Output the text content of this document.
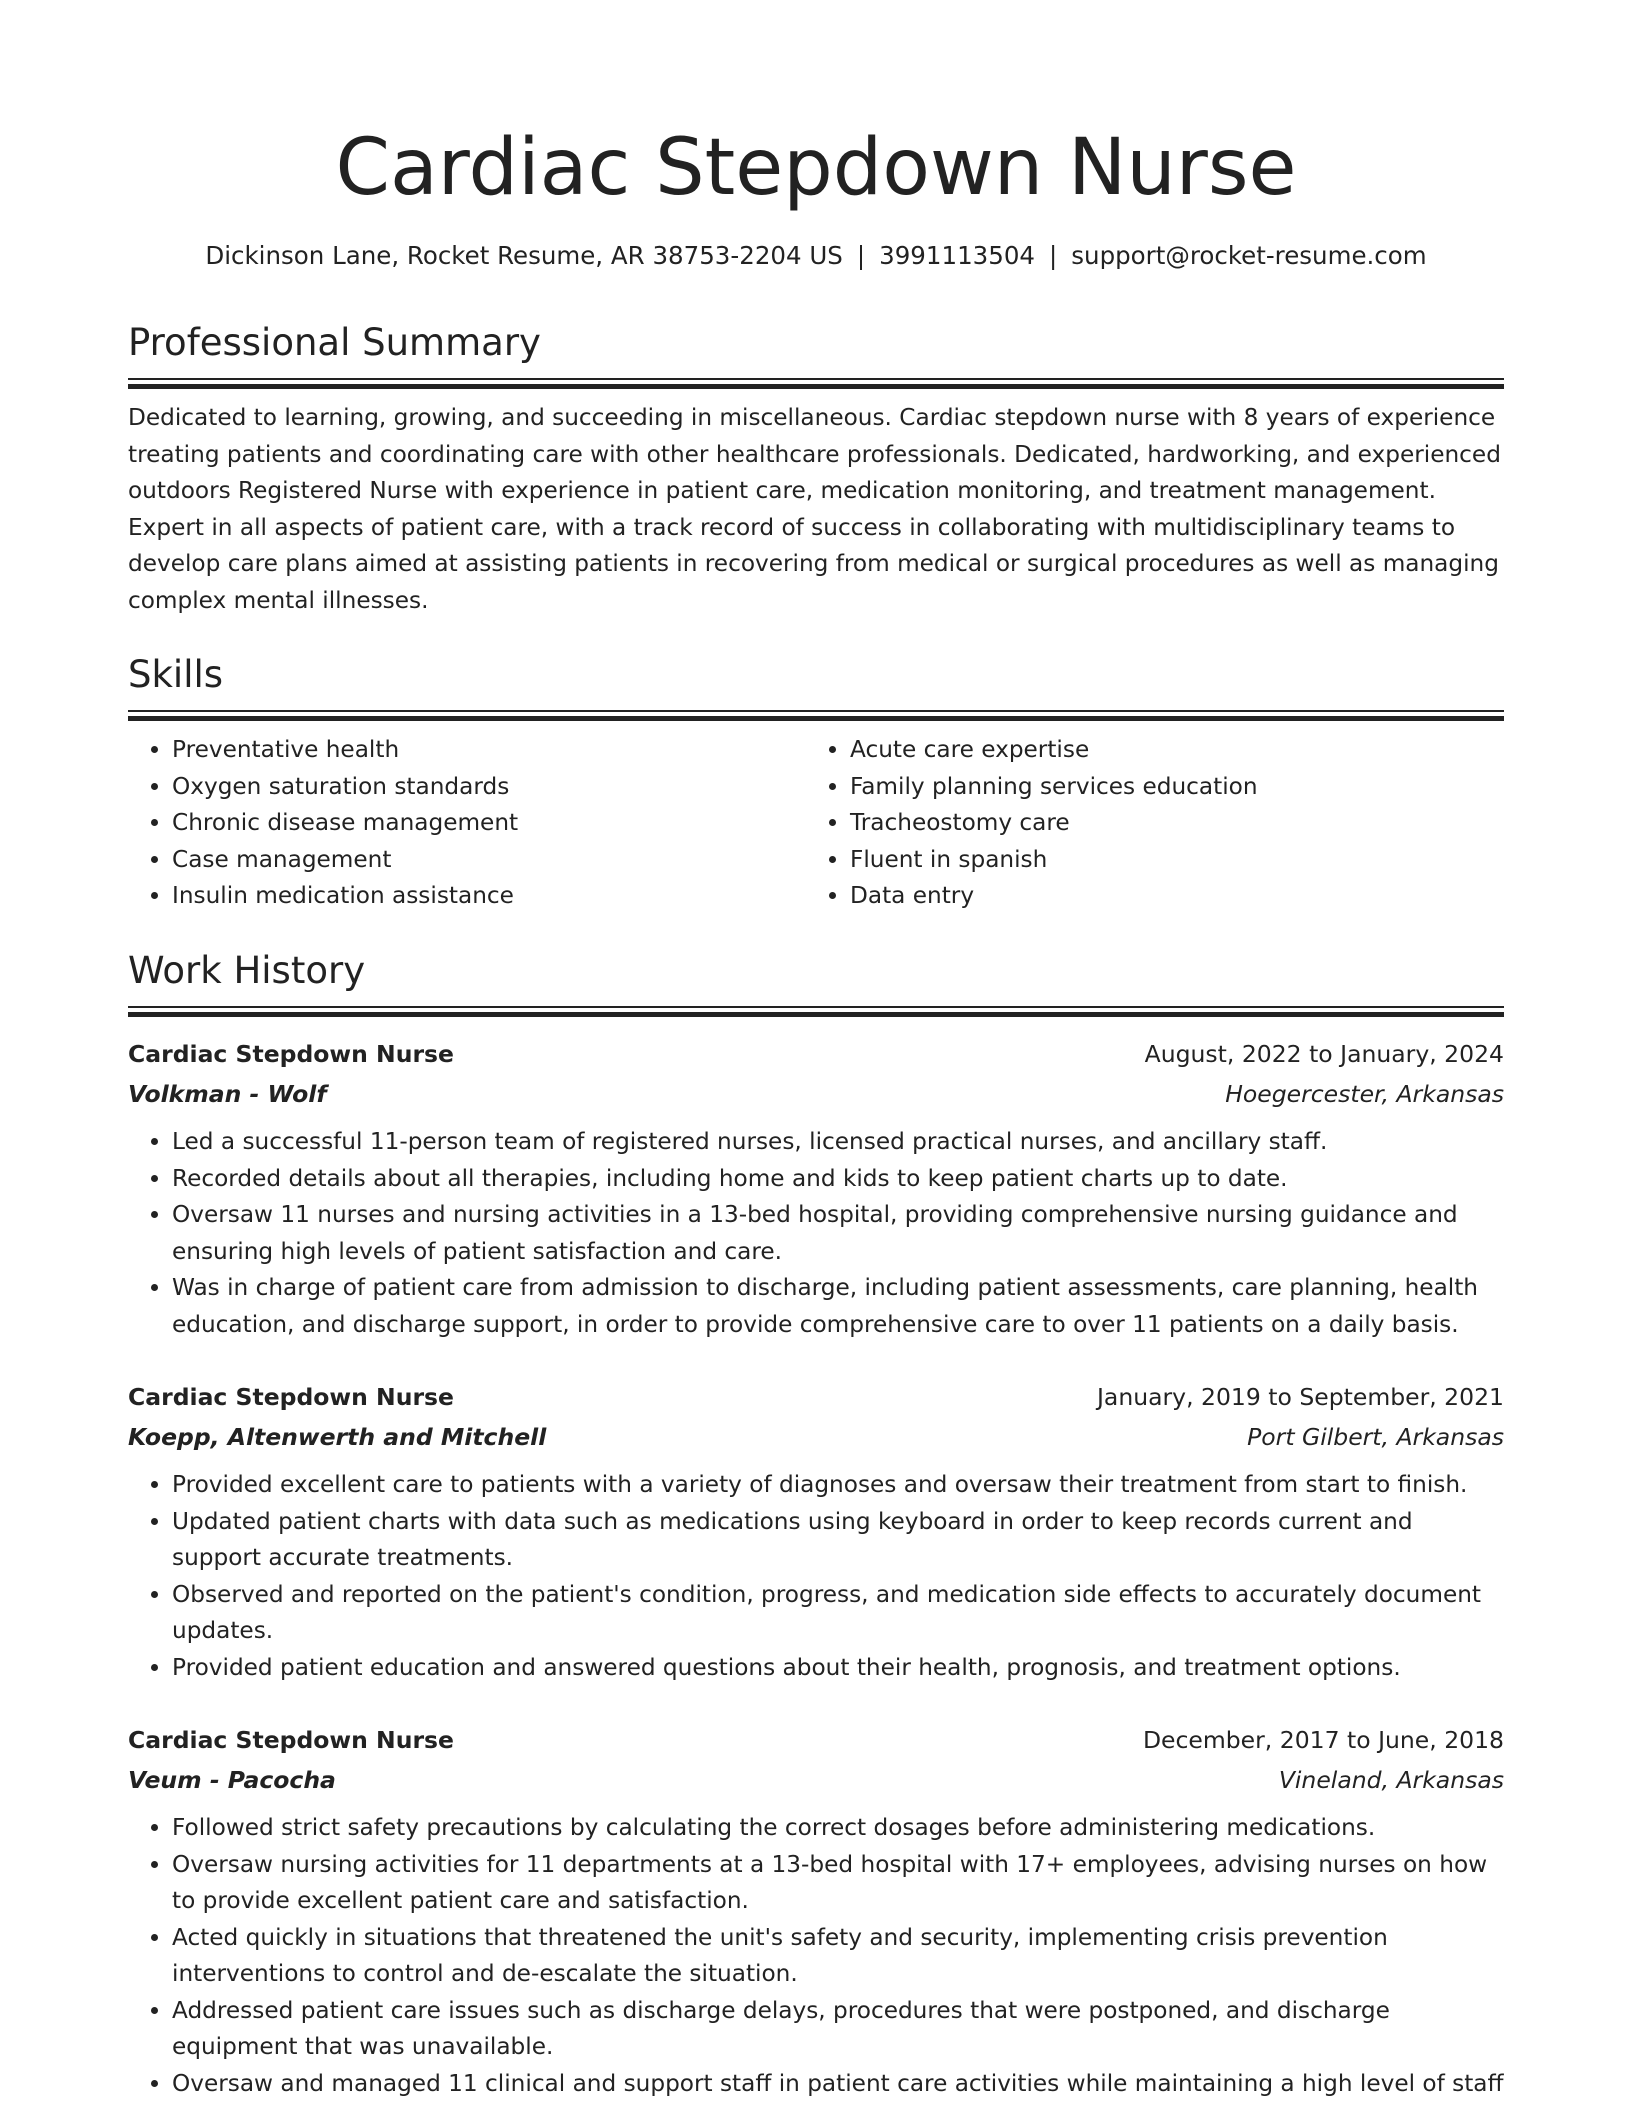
Cardiac Stepdown Nurse
Dickinson Lane, Rocket Resume, AR 38753-2204 US | 3991113504 | support@rocket-resume.com
Professional Summary

Dedicated to learning, growing, and succeeding in miscellaneous. Cardiac stepdown nurse with 8 years of experience treating patients and coordinating care with other healthcare professionals. Dedicated, hardworking, and experienced outdoors Registered Nurse with experience in patient care, medication monitoring, and treatment management. Expert in all aspects of patient care, with a track record of success in collaborating with multidisciplinary teams to develop care plans aimed at assisting patients in recovering from medical or surgical procedures as well as managing complex mental illnesses.

Skills
• Preventative health
• Oxygen saturation standards
• Chronic disease management
• Case management
• Insulin medication assistance
• Acute care expertise
• Family planning services education
• Tracheostomy care
• Fluent in spanish
• Data entry
Work History
Cardiac Stepdown Nurse	August, 2022 to January, 2024
Volkman - Wolf	Hoegercester, Arkansas
• Led a successful 11-person team of registered nurses, licensed practical nurses, and ancillary staff.
• Recorded details about all therapies, including home and kids to keep patient charts up to date.
• Oversaw 11 nurses and nursing activities in a 13-bed hospital, providing comprehensive nursing guidance and ensuring high levels of patient satisfaction and care.
• Was in charge of patient care from admission to discharge, including patient assessments, care planning, health education, and discharge support, in order to provide comprehensive care to over 11 patients on a daily basis.
Cardiac Stepdown Nurse	January, 2019 to September, 2021
Koepp, Altenwerth and Mitchell	Port Gilbert, Arkansas
• Provided excellent care to patients with a variety of diagnoses and oversaw their treatment from start to finish.
• Updated patient charts with data such as medications using keyboard in order to keep records current and support accurate treatments.
• Observed and reported on the patient's condition, progress, and medication side effects to accurately document updates.
• Provided patient education and answered questions about their health, prognosis, and treatment options.
Cardiac Stepdown Nurse	December, 2017 to June, 2018
Veum - Pacocha	Vineland, Arkansas
• Followed strict safety precautions by calculating the correct dosages before administering medications.
• Oversaw nursing activities for 11 departments at a 13-bed hospital with 17+ employees, advising nurses on how to provide excellent patient care and satisfaction.
• Acted quickly in situations that threatened the unit's safety and security, implementing crisis prevention interventions to control and de-escalate the situation.
• Addressed patient care issues such as discharge delays, procedures that were postponed, and discharge equipment that was unavailable.
• Oversaw and managed 11 clinical and support staff in patient care activities while maintaining a high level of staff
